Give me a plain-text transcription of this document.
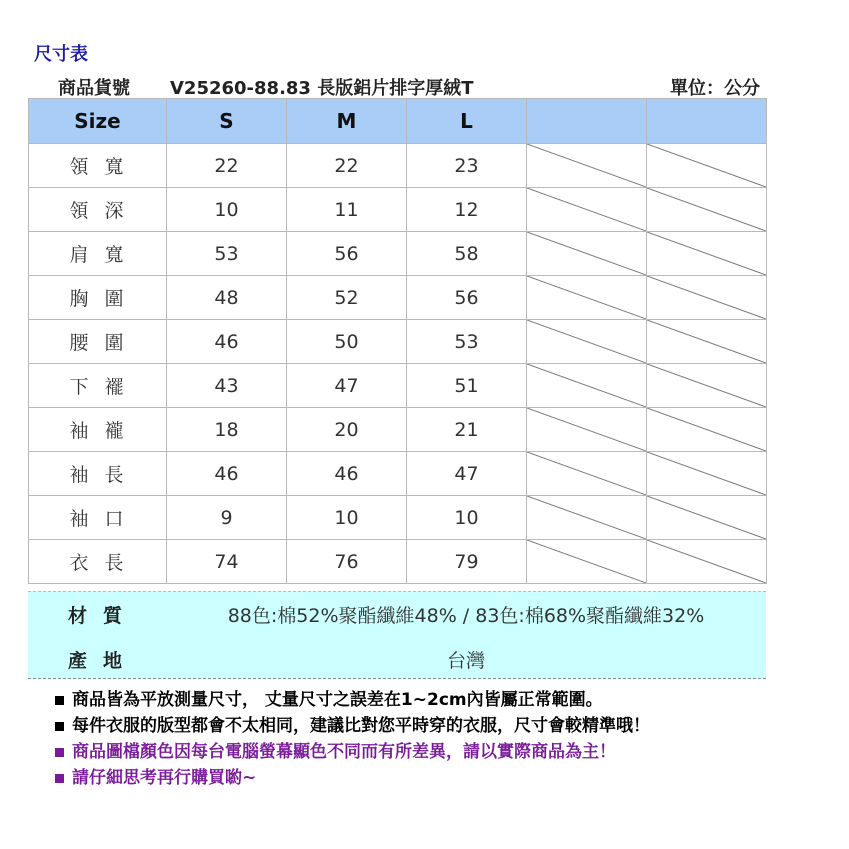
尺寸表
商品貨號 V25260-88.83 長版鋁片排字厚絨T	單位：公分
Size	S	M	L		
領寬	22	22	23	

領深	10	11	12	

肩寬	53	56	58	

胸圍	48	52	56	

腰圍	46	50	53	

下襬	43	47	51	

袖襱	18	20	21	

袖長	46	46	47	

袖口	9	10	10	

衣長	74	76	79	

材質	88色:棉52%聚酯纖維48% / 83色:棉68%聚酯纖維32%
產地	台灣
商品皆為平放測量尺寸， 丈量尺寸之誤差在1~2cm內皆屬正常範圍。
每件衣服的版型都會不太相同，建議比對您平時穿的衣服，尺寸會較精準哦！
商品圖檔顏色因每台電腦螢幕顯色不同而有所差異，請以實際商品為主！
請仔細思考再行購買喲~
